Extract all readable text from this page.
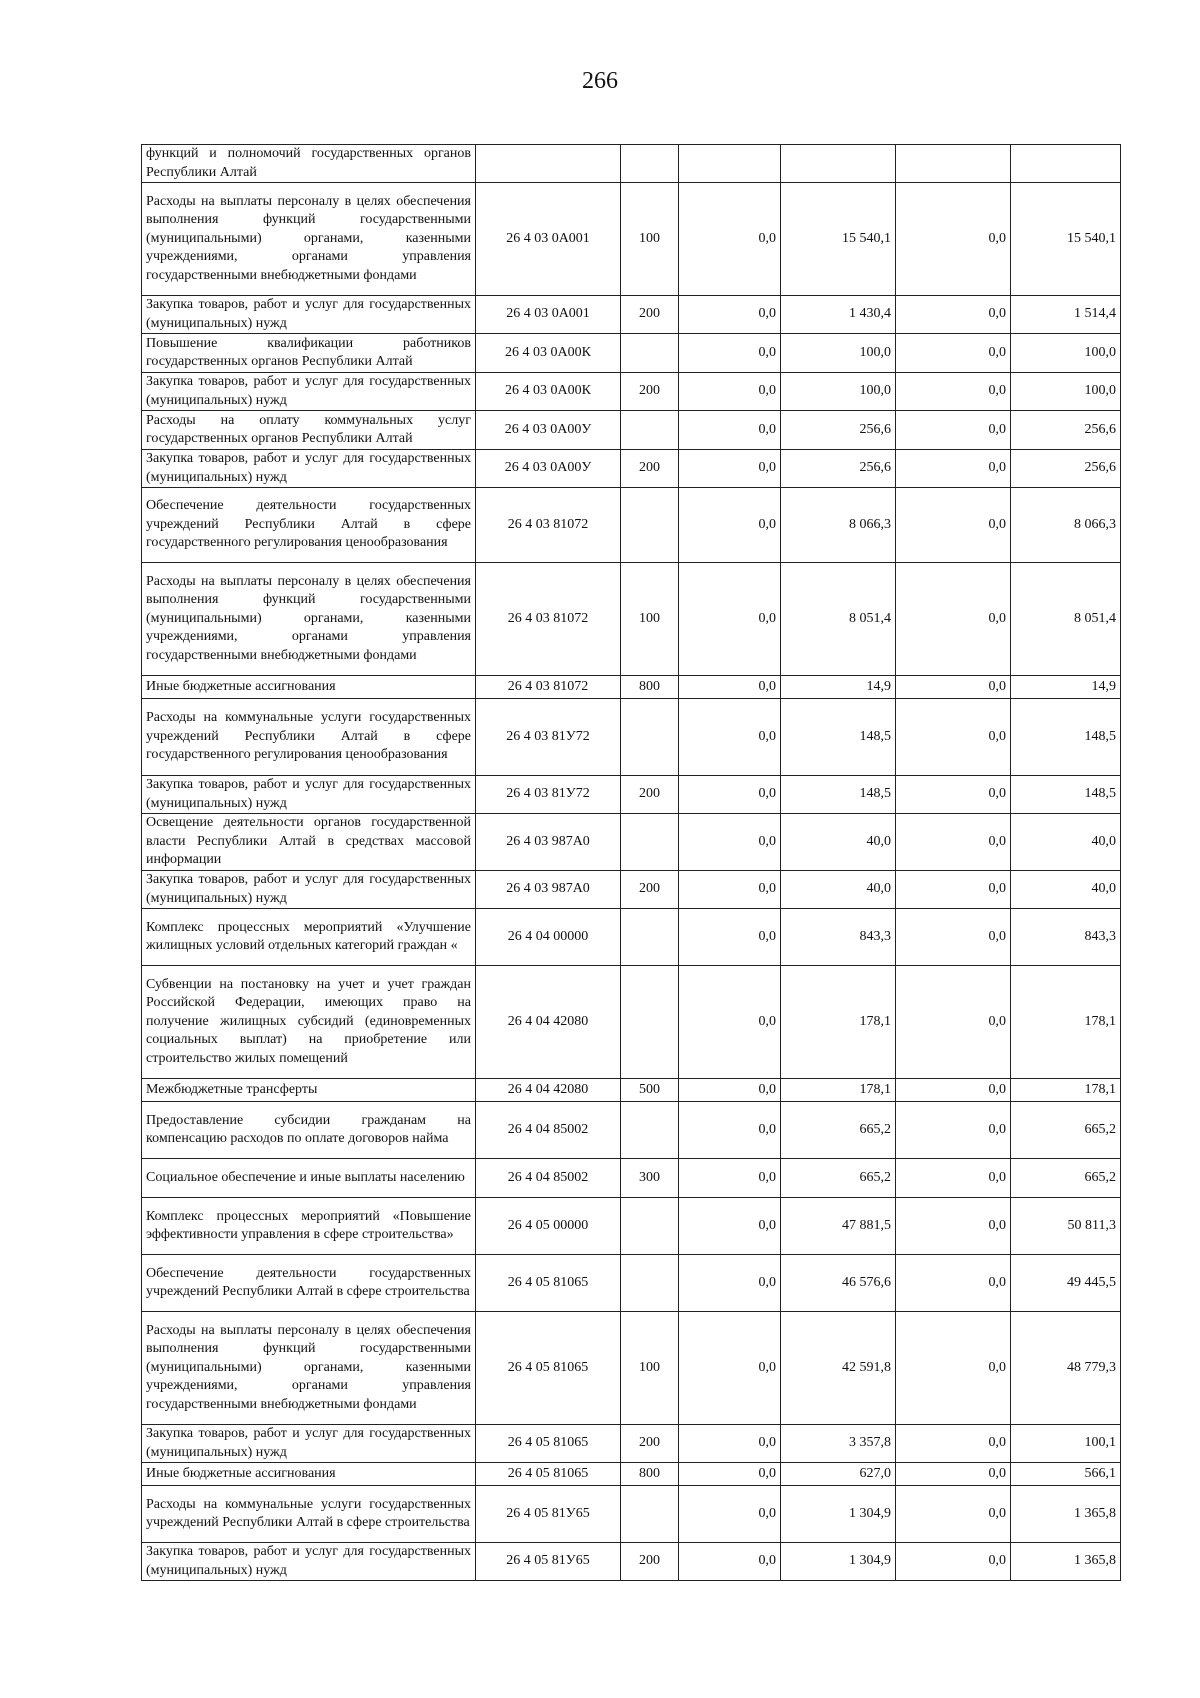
266
функций и полномочий государственных органов Республики Алтай						
Расходы на выплаты персоналу в целях обеспечения выполнения функций государственными (муниципальными) органами, казенными учреждениями, органами управления государственными внебюджетными фондами	26 4 03 0А001	100	0,0	15 540,1	0,0	15 540,1
Закупка товаров, работ и услуг для государственных (муниципальных) нужд	26 4 03 0А001	200	0,0	1 430,4	0,0	1 514,4
Повышение квалификации работников государственных органов Республики Алтай	26 4 03 0А00К		0,0	100,0	0,0	100,0
Закупка товаров, работ и услуг для государственных (муниципальных) нужд	26 4 03 0А00К	200	0,0	100,0	0,0	100,0
Расходы на оплату коммунальных услуг государственных органов Республики Алтай	26 4 03 0А00У		0,0	256,6	0,0	256,6
Закупка товаров, работ и услуг для государственных (муниципальных) нужд	26 4 03 0А00У	200	0,0	256,6	0,0	256,6
Обеспечение деятельности государственных учреждений Республики Алтай в сфере государственного регулирования ценообразования	26 4 03 81072		0,0	8 066,3	0,0	8 066,3
Расходы на выплаты персоналу в целях обеспечения выполнения функций государственными (муниципальными) органами, казенными учреждениями, органами управления государственными внебюджетными фондами	26 4 03 81072	100	0,0	8 051,4	0,0	8 051,4
Иные бюджетные ассигнования	26 4 03 81072	800	0,0	14,9	0,0	14,9
Расходы на коммунальные услуги государственных учреждений Республики Алтай в сфере государственного регулирования ценообразования	26 4 03 81У72		0,0	148,5	0,0	148,5
Закупка товаров, работ и услуг для государственных (муниципальных) нужд	26 4 03 81У72	200	0,0	148,5	0,0	148,5
Освещение деятельности органов государственной власти Республики Алтай в средствах массовой информации	26 4 03 987А0		0,0	40,0	0,0	40,0
Закупка товаров, работ и услуг для государственных (муниципальных) нужд	26 4 03 987А0	200	0,0	40,0	0,0	40,0
Комплекс процессных мероприятий «Улучшение жилищных условий отдельных категорий граждан «	26 4 04 00000		0,0	843,3	0,0	843,3
Субвенции на постановку на учет и учет граждан Российской Федерации, имеющих право на получение жилищных субсидий (единовременных социальных выплат) на приобретение или строительство жилых помещений	26 4 04 42080		0,0	178,1	0,0	178,1
Межбюджетные трансферты	26 4 04 42080	500	0,0	178,1	0,0	178,1
Предоставление субсидии гражданам на компенсацию расходов по оплате договоров найма	26 4 04 85002		0,0	665,2	0,0	665,2
Социальное обеспечение и иные выплаты населению	26 4 04 85002	300	0,0	665,2	0,0	665,2
Комплекс процессных мероприятий «Повышение эффективности управления в сфере строительства»	26 4 05 00000		0,0	47 881,5	0,0	50 811,3
Обеспечение деятельности государственных учреждений Республики Алтай в сфере строительства	26 4 05 81065		0,0	46 576,6	0,0	49 445,5
Расходы на выплаты персоналу в целях обеспечения выполнения функций государственными (муниципальными) органами, казенными учреждениями, органами управления государственными внебюджетными фондами	26 4 05 81065	100	0,0	42 591,8	0,0	48 779,3
Закупка товаров, работ и услуг для государственных (муниципальных) нужд	26 4 05 81065	200	0,0	3 357,8	0,0	100,1
Иные бюджетные ассигнования	26 4 05 81065	800	0,0	627,0	0,0	566,1
Расходы на коммунальные услуги государственных учреждений Республики Алтай в сфере строительства	26 4 05 81У65		0,0	1 304,9	0,0	1 365,8
Закупка товаров, работ и услуг для государственных (муниципальных) нужд	26 4 05 81У65	200	0,0	1 304,9	0,0	1 365,8
